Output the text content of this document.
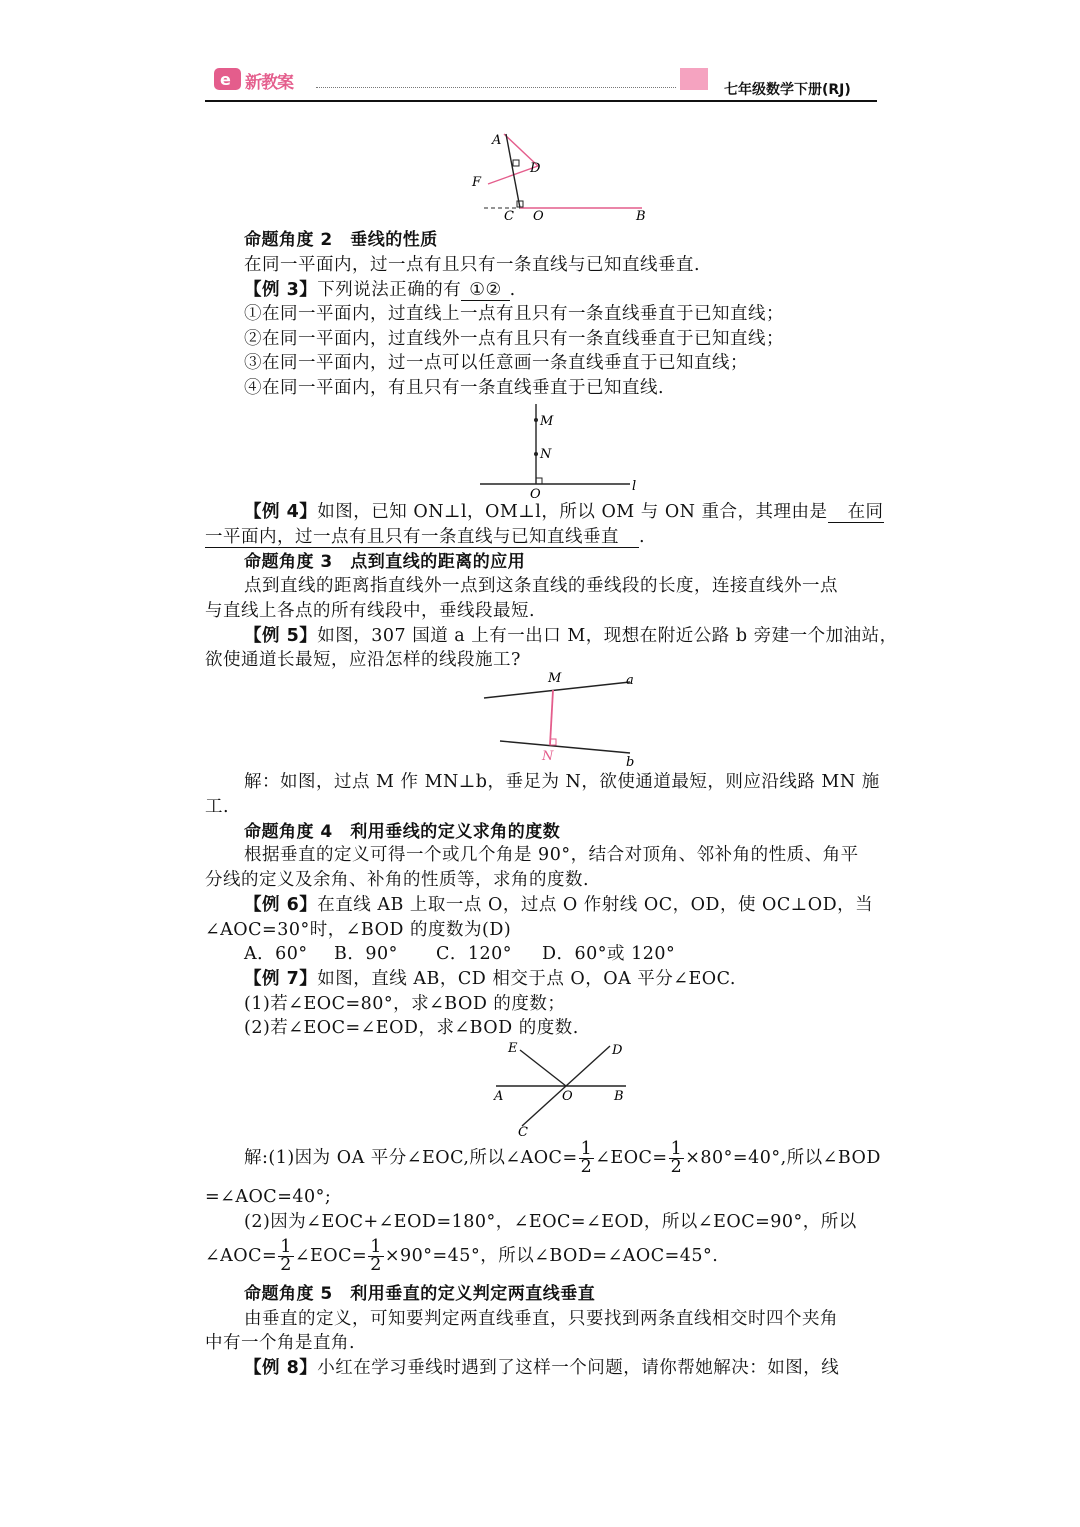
e 新教案	七年级数学下册(RJ)
A
D
F
C O	B
命题角度 2　垂线的性质
在同一平面内，过一点有且只有一条直线与已知直线垂直.
【例 3】下列说法正确的有 ①② .
①在同一平面内，过直线上一点有且只有一条直线垂直于已知直线；
②在同一平面内，过直线外一点有且只有一条直线垂直于已知直线；
③在同一平面内，过一点可以任意画一条直线垂直于已知直线；
④在同一平面内，有且只有一条直线垂直于已知直线.
M
N
O
l
【例 4】如图，已知 ON⊥l，OM⊥l，所以 OM 与 ON 重合，其理由是 在同
一平面内，过一点有且只有一条直线与已知直线垂直 .
命题角度 3　点到直线的距离的应用
点到直线的距离指直线外一点到这条直线的垂线段的长度，连接直线外一点
与直线上各点的所有线段中，垂线段最短.
【例 5】如图，307 国道 a 上有一出口 M，现想在附近公路 b 旁建一个加油站，
欲使通道长最短，应沿怎样的线段施工?
M	a
N	b
解：如图，过点 M 作 MN⊥b，垂足为 N，欲使通道最短，则应沿线路 MN 施
工.
命题角度 4　利用垂线的定义求角的度数
根据垂直的定义可得一个或几个角是 90°，结合对顶角、邻补角的性质、角平
分线的定义及余角、补角的性质等，求角的度数.
【例 6】在直线 AB 上取一点 O，过点 O 作射线 OC，OD，使 OC⊥OD，当
∠AOC=30°时，∠BOD 的度数为(D)
A．60° B．90° C．120° D．60°或 120°
【例 7】如图，直线 AB，CD 相交于点 O，OA 平分∠EOC.
(1)若∠EOC=80°，求∠BOD 的度数；
(2)若∠EOC=∠EOD，求∠BOD 的度数.
E	D
A	O	B
C
解:(1)因为 OA 平分∠EOC,所以∠AOC= $\frac{1}{2}$ ∠EOC= $\frac{1}{2} \times 80^\circ=40^\circ$,所以∠BOD
=∠AOC=40°;
(2)因为∠EOC+∠EOD=180°，∠EOC=∠EOD，所以∠EOC=90°，所以
∠AOC= $\frac{1}{2}$ ∠EOC= $\frac{1}{2} \times 90^\circ=45^\circ$，所以∠BOD=∠AOC=45°.
命题角度 5　利用垂直的定义判定两直线垂直
由垂直的定义，可知要判定两直线垂直，只要找到两条直线相交时四个夹角
中有一个角是直角.
【例 8】小红在学习垂线时遇到了这样一个问题，请你帮她解决：如图，线
